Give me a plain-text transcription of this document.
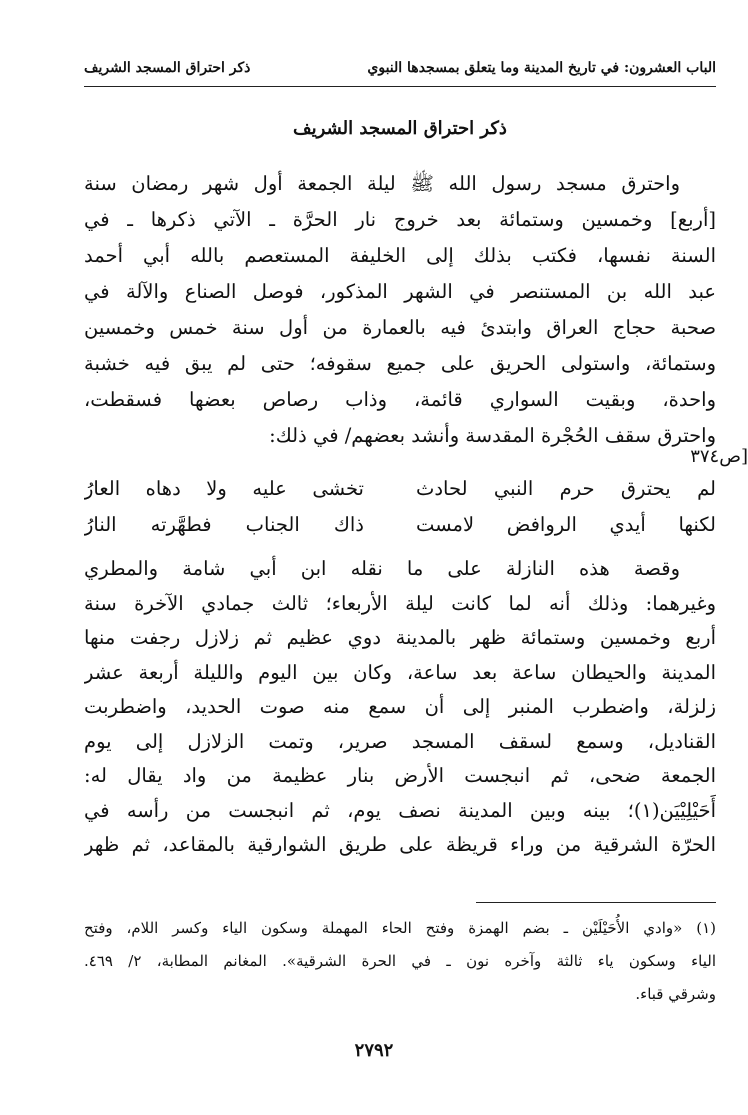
الباب العشرون: في تاريخ المدينة وما يتعلق بمسجدها النبوي
ذكر احتراق المسجد الشريف
ذكر احتراق المسجد الشريف
واحترق مسجد رسول الله ﷺ ليلة الجمعة أول شهر رمضان سنة
[أربع] وخمسين وستمائة بعد خروج نار الحرَّة ـ الآتي ذكرها ـ في
السنة نفسها، فكتب بذلك إلى الخليفة المستعصم بالله أبي أحمد
عبد الله بن المستنصر في الشهر المذكور، فوصل الصناع والآلة في
صحبة حجاج العراق وابتدئ فيه بالعمارة من أول سنة خمس وخمسين
وستمائة، واستولى الحريق على جميع سقوفه؛ حتى لم يبق فيه خشبة
واحدة، وبقيت السواري قائمة، وذاب رصاص بعضها فسقطت،
واحترق سقف الحُجْرة المقدسة وأنشد بعضهم/ في ذلك:
[ص٣٧٤
لم يحترق حرم النبي لحادث
تخشى عليه ولا دهاه العارُ
لكنها أيدي الروافض لامست
ذاك الجناب فطهَّرته النارُ
وقصة هذه النازلة على ما نقله ابن أبي شامة والمطري
وغيرهما: وذلك أنه لما كانت ليلة الأربعاء؛ ثالث جمادي الآخرة سنة
أربع وخمسين وستمائة ظهر بالمدينة دوي عظيم ثم زلازل رجفت منها
المدينة والحيطان ساعة بعد ساعة، وكان بين اليوم والليلة أربعة عشر
زلزلة، واضطرب المنبر إلى أن سمع منه صوت الحديد، واضطربت
القناديل، وسمع لسقف المسجد صرير، وتمت الزلازل إلى يوم
الجمعة ضحى، ثم انبجست الأرض بنار عظيمة من واد يقال له:
أَحَيْلِيْيَن(١)؛ بينه وبين المدينة نصف يوم، ثم انبجست من رأسه في
الحرّة الشرقية من وراء قريظة على طريق الشوارقية بالمقاعد، ثم ظهر
(١) «وادي الأُحَيْلَيْن ـ بضم الهمزة وفتح الحاء المهملة وسكون الياء وكسر اللام، وفتح
الياء وسكون ياء ثالثة وآخره نون ـ في الحرة الشرقية». المغانم المطابة، ٢/ ٤٦٩.
وشرقي قباء.
٢٧٩٢
